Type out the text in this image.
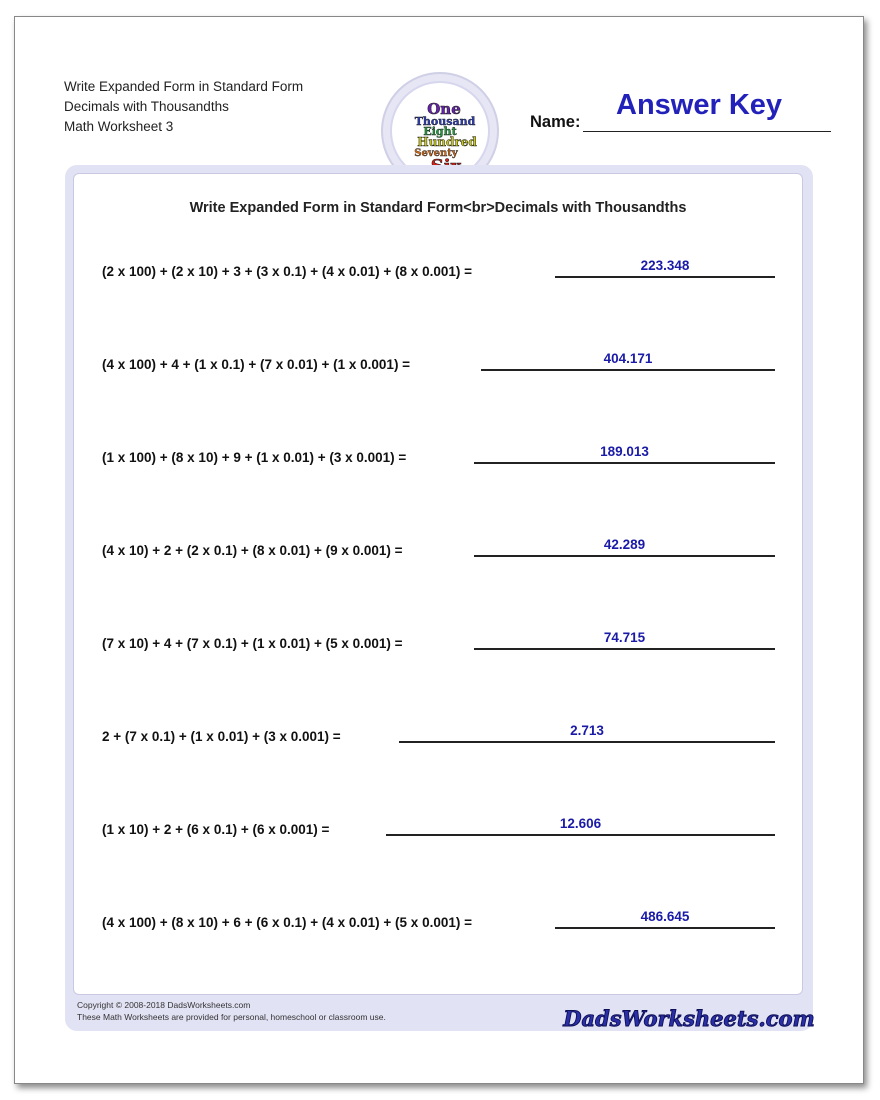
Write Expanded Form in Standard Form
Decimals with Thousandths
Math Worksheet 3
One
Thousand
Eight
Hundred
Seventy
Name:
Answer Key
Write Expanded Form in Standard Form<br>Decimals with Thousandths
(2 x 100) + (2 x 10) + 3 + (3 x 0.1) + (4 x 0.01) + (8 x 0.001) =	223.348
(4 x 100) + 4 + (1 x 0.1) + (7 x 0.01) + (1 x 0.001) =	404.171
(1 x 100) + (8 x 10) + 9 + (1 x 0.01) + (3 x 0.001) =	189.013
(4 x 10) + 2 + (2 x 0.1) + (8 x 0.01) + (9 x 0.001) =	42.289
(7 x 10) + 4 + (7 x 0.1) + (1 x 0.01) + (5 x 0.001) =	74.715
2 + (7 x 0.1) + (1 x 0.01) + (3 x 0.001) =	2.713
(1 x 10) + 2 + (6 x 0.1) + (6 x 0.001) =	12.606
(4 x 100) + (8 x 10) + 6 + (6 x 0.1) + (4 x 0.01) + (5 x 0.001) =	486.645
Copyright © 2008-2018 DadsWorksheets.com
These Math Worksheets are provided for personal, homeschool or classroom use.	DadsWorksheets.com
